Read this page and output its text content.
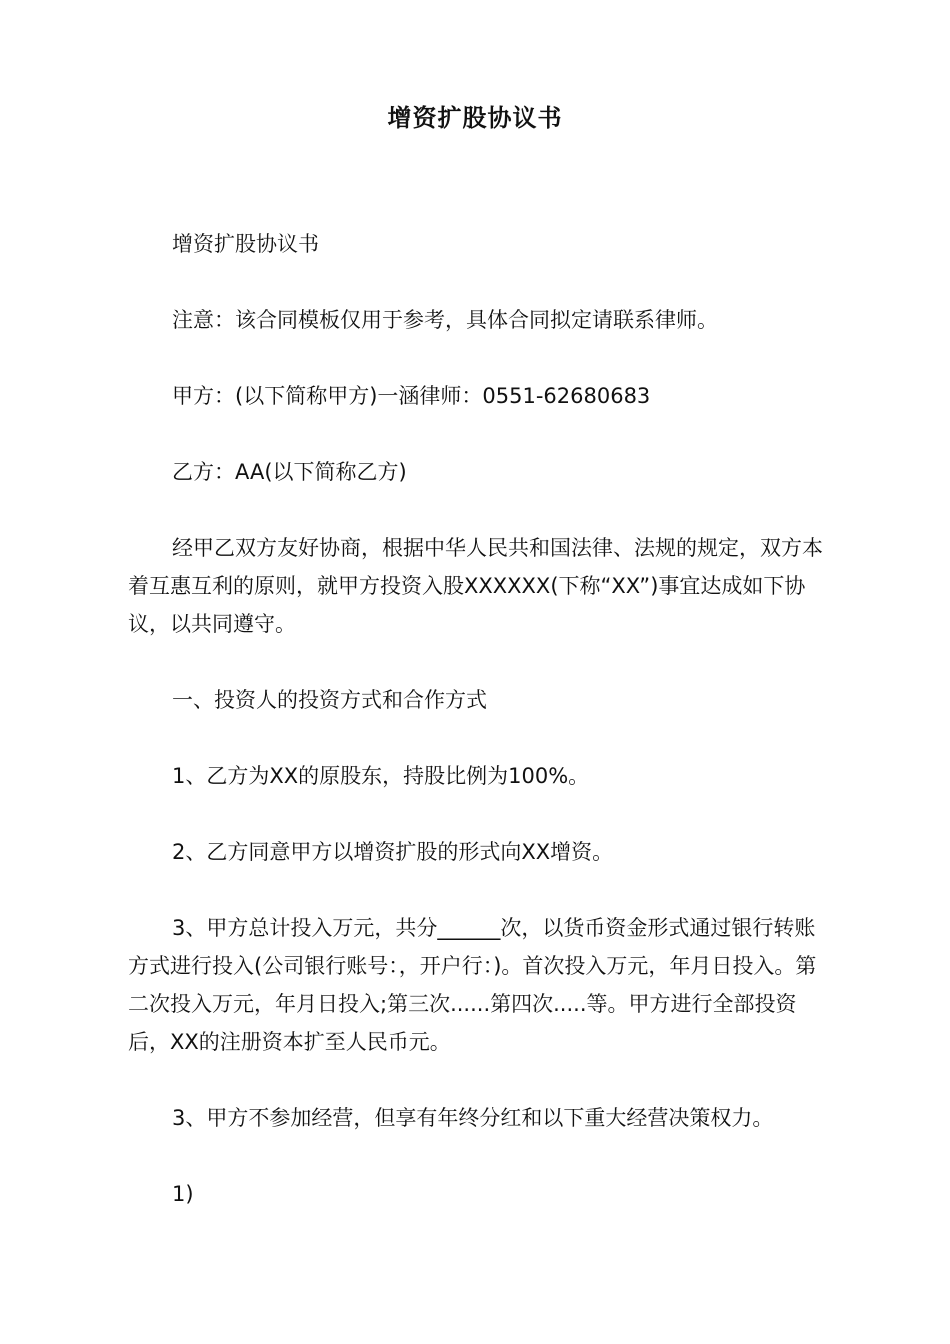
增资扩股协议书
增资扩股协议书
注意：该合同模板仅用于参考，具体合同拟定请联系律师。
甲方：(以下简称甲方)一涵律师：0551-62680683
乙方：AA(以下简称乙方)
经甲乙双方友好协商，根据中华人民共和国法律、法规的规定，双方本着互惠互利的原则，就甲方投资入股XXXXXX(下称“XX”)事宜达成如下协议，以共同遵守。
一、投资人的投资方式和合作方式
1、乙方为XX的原股东，持股比例为100%。
2、乙方同意甲方以增资扩股的形式向XX增资。
3、甲方总计投入万元，共分______次，以货币资金形式通过银行转账方式进行投入(公司银行账号：，开户行：)。首次投入万元，年月日投入。第二次投入万元，年月日投入;第三次......第四次.....等。甲方进行全部投资后，XX的注册资本扩至人民币元。
3、甲方不参加经营，但享有年终分红和以下重大经营决策权力。
1)
